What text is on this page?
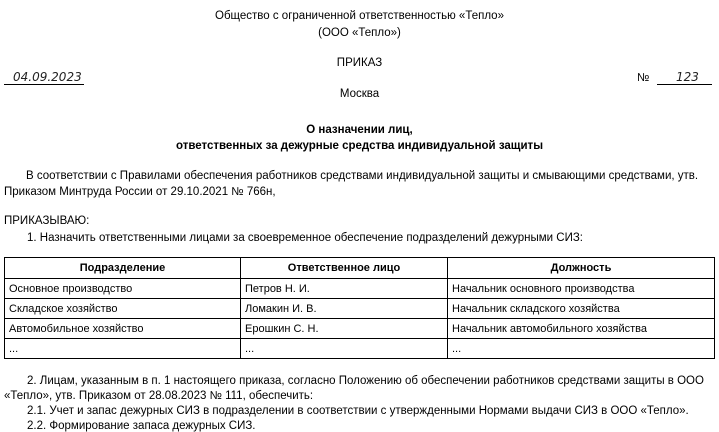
Общество с ограниченной ответственностью «Тепло»
(ООО «Тепло»)
ПРИКАЗ
04.09.2023	№ 123
Москва
О назначении лиц,
ответственных за дежурные средства индивидуальной защиты
В соответствии с Правилами обеспечения работников средствами индивидуальной защиты и смывающими средствами, утв.
Приказом Минтруда России от 29.10.2021 № 766н,
ПРИКАЗЫВАЮ:
1. Назначить ответственными лицами за своевременное обеспечение подразделений дежурными СИЗ:
Подразделение	Ответственное лицо	Должность
Основное производство	Петров Н. И.	Начальник основного производства
Складское хозяйство	Ломакин И. В.	Начальник складского хозяйства
Автомобильное хозяйство	Ерошкин С. Н.	Начальник автомобильного хозяйства
...	...	...
2. Лицам, указанным в п. 1 настоящего приказа, согласно Положению об обеспечении работников средствами защиты в ООО
«Тепло», утв. Приказом от 28.08.2023 № 111, обеспечить:
2.1. Учет и запас дежурных СИЗ в подразделении в соответствии с утвержденными Нормами выдачи СИЗ в ООО «Тепло».
2.2. Формирование запаса дежурных СИЗ.
